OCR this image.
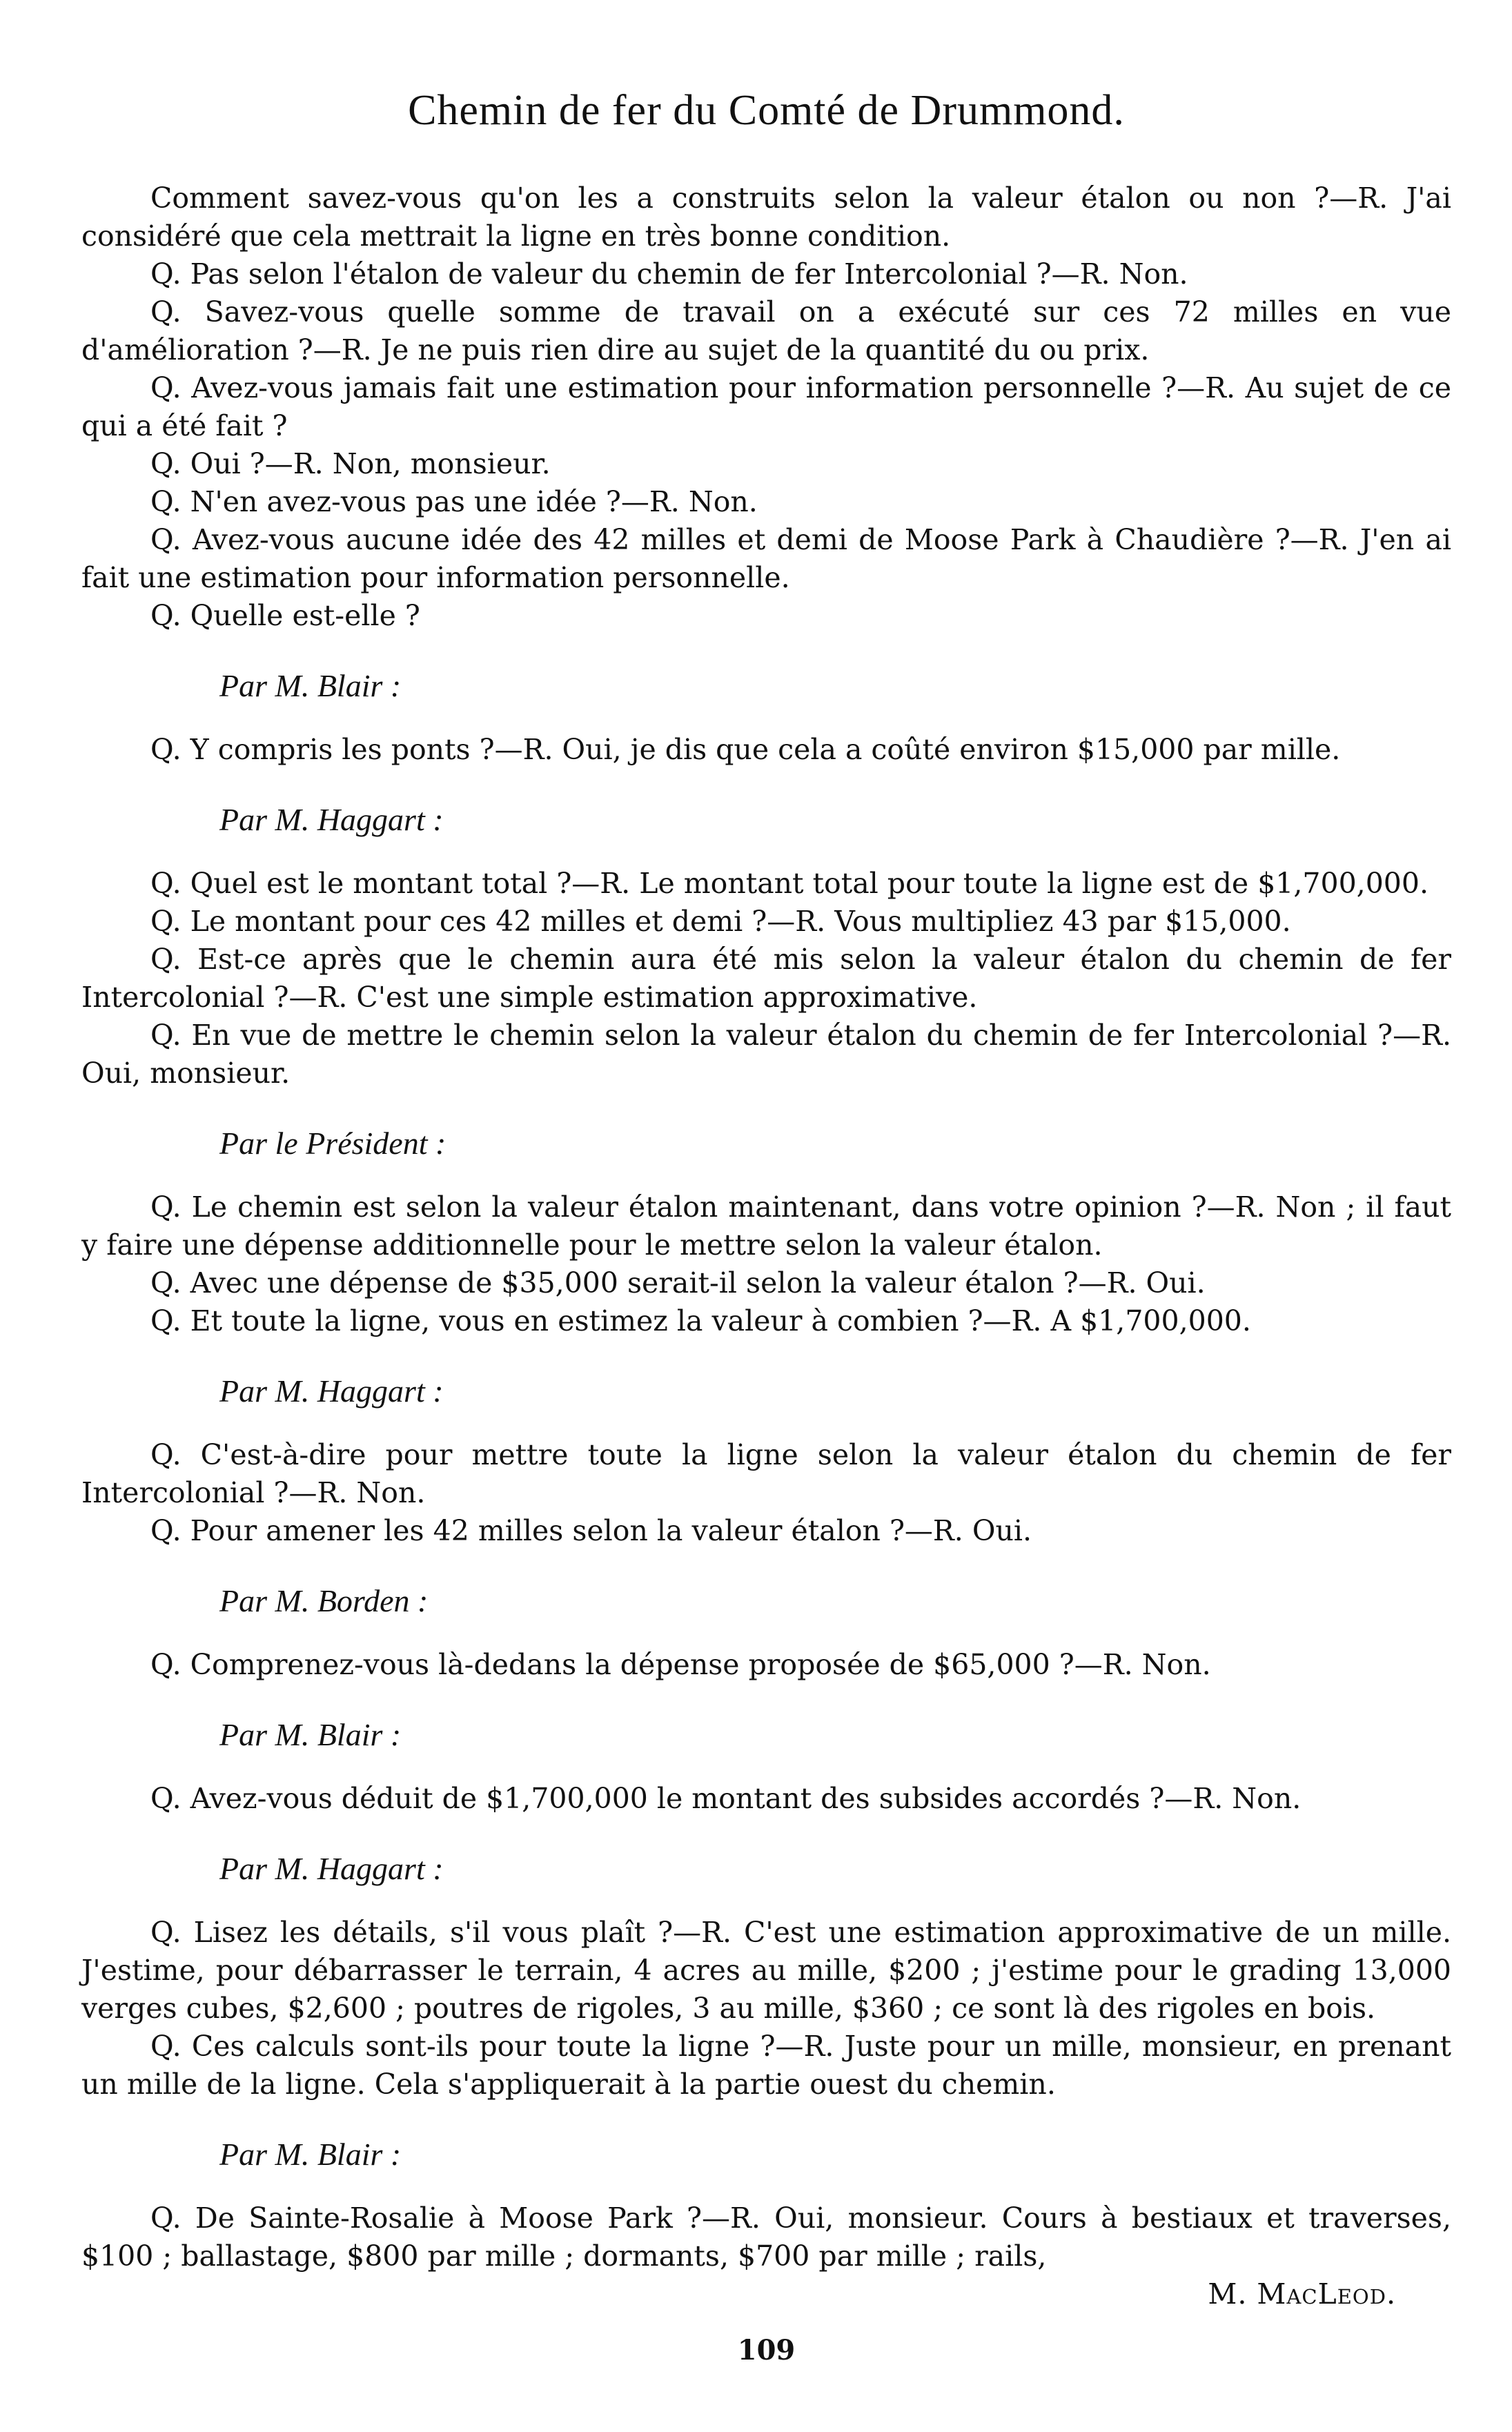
Chemin de fer du Comté de Drummond.
Comment savez-vous qu'on les a construits selon la valeur étalon ou non ?—R. J'ai considéré que cela mettrait la ligne en très bonne condition.
Q. Pas selon l'étalon de valeur du chemin de fer Intercolonial ?—R. Non.
Q. Savez-vous quelle somme de travail on a exécuté sur ces 72 milles en vue d'amélioration ?—R. Je ne puis rien dire au sujet de la quantité du ou prix.
Q. Avez-vous jamais fait une estimation pour information personnelle ?—R. Au sujet de ce qui a été fait ?
Q. Oui ?—R. Non, monsieur.
Q. N'en avez-vous pas une idée ?—R. Non.
Q. Avez-vous aucune idée des 42 milles et demi de Moose Park à Chaudière ?—R. J'en ai fait une estimation pour information personnelle.
Q. Quelle est-elle ?
Par M. Blair :
Q. Y compris les ponts ?—R. Oui, je dis que cela a coûté environ $15,000 par mille.
Par M. Haggart :
Q. Quel est le montant total ?—R. Le montant total pour toute la ligne est de $1,700,000.
Q. Le montant pour ces 42 milles et demi ?—R. Vous multipliez 43 par $15,000.
Q. Est-ce après que le chemin aura été mis selon la valeur étalon du chemin de fer Intercolonial ?—R. C'est une simple estimation approximative.
Q. En vue de mettre le chemin selon la valeur étalon du chemin de fer Intercolonial ?—R. Oui, monsieur.
Par le Président :
Q. Le chemin est selon la valeur étalon maintenant, dans votre opinion ?—R. Non ; il faut y faire une dépense additionnelle pour le mettre selon la valeur étalon.
Q. Avec une dépense de $35,000 serait-il selon la valeur étalon ?—R. Oui.
Q. Et toute la ligne, vous en estimez la valeur à combien ?—R. A $1,700,000.
Par M. Haggart :
Q. C'est-à-dire pour mettre toute la ligne selon la valeur étalon du chemin de fer Intercolonial ?—R. Non.
Q. Pour amener les 42 milles selon la valeur étalon ?—R. Oui.
Par M. Borden :
Q. Comprenez-vous là-dedans la dépense proposée de $65,000 ?—R. Non.
Par M. Blair :
Q. Avez-vous déduit de $1,700,000 le montant des subsides accordés ?—R. Non.
Par M. Haggart :
Q. Lisez les détails, s'il vous plaît ?—R. C'est une estimation approximative de un mille. J'estime, pour débarrasser le terrain, 4 acres au mille, $200 ; j'estime pour le grading 13,000 verges cubes, $2,600 ; poutres de rigoles, 3 au mille, $360 ; ce sont là des rigoles en bois.
Q. Ces calculs sont-ils pour toute la ligne ?—R. Juste pour un mille, monsieur, en prenant un mille de la ligne. Cela s'appliquerait à la partie ouest du chemin.
Par M. Blair :
Q. De Sainte-Rosalie à Moose Park ?—R. Oui, monsieur. Cours à bestiaux et traverses, $100 ; ballastage, $800 par mille ; dormants, $700 par mille ; rails,
M. MacLeod.
109
